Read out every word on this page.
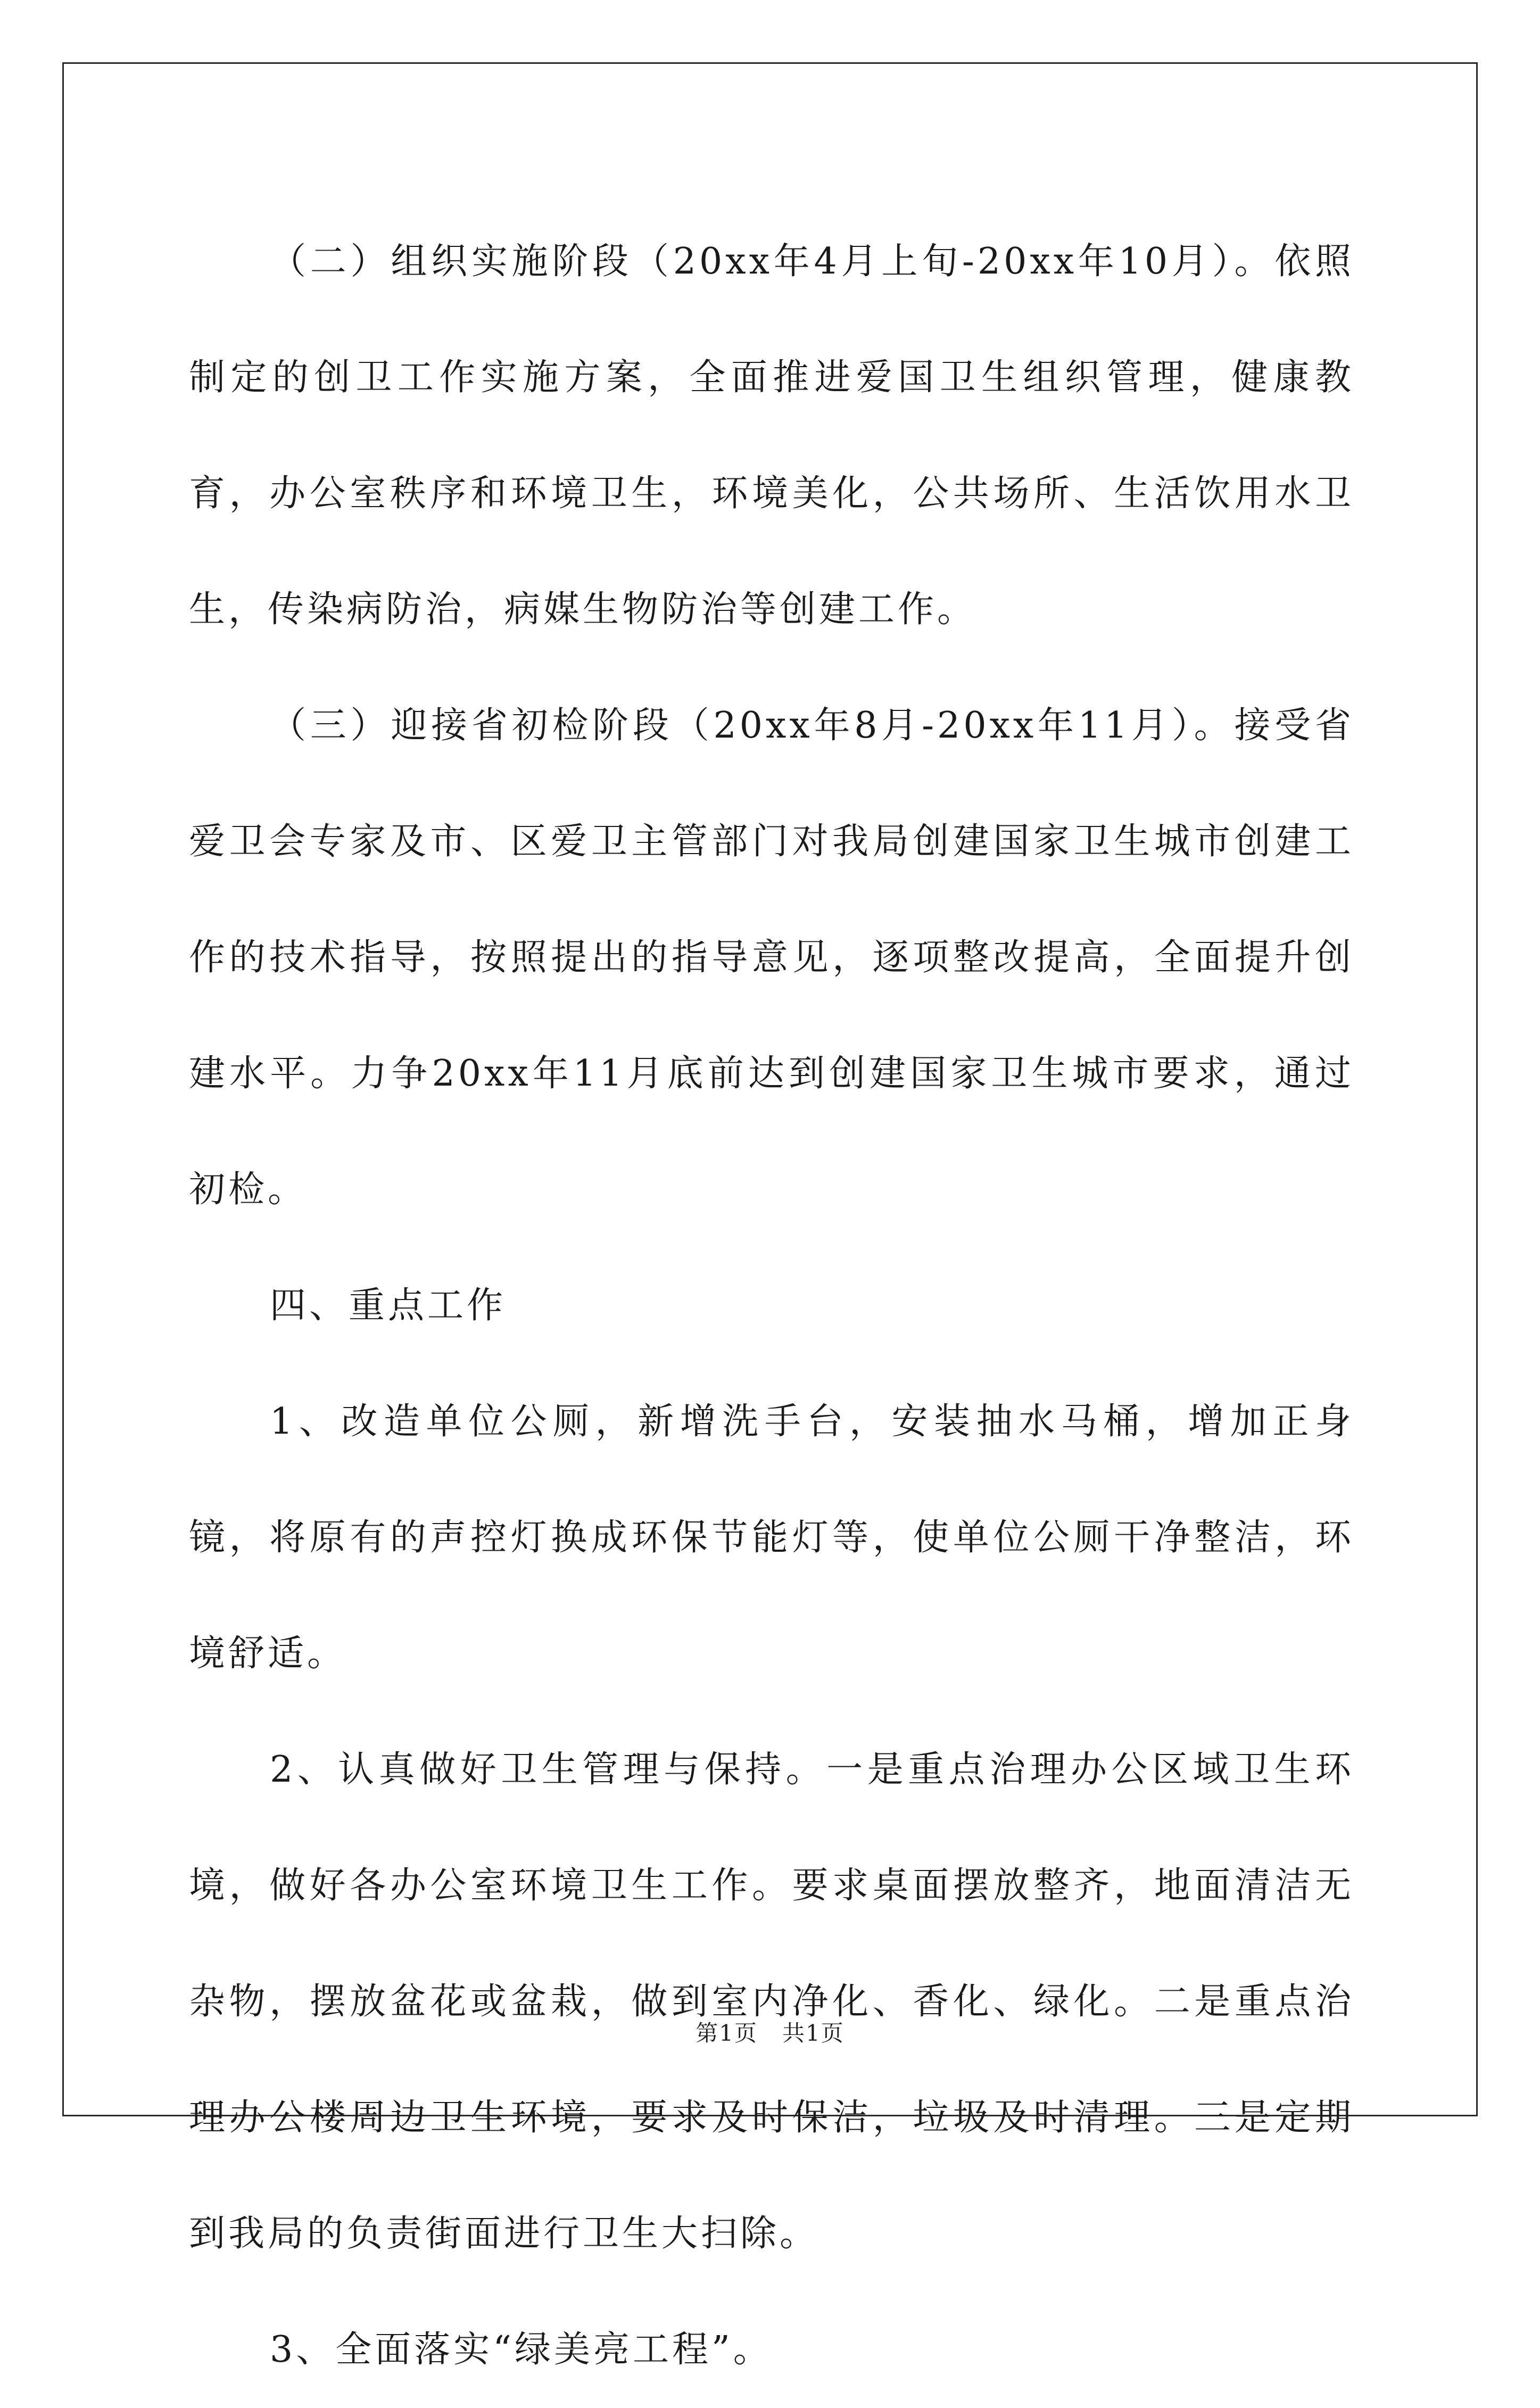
（二）组织实施阶段（20xx年4月上旬-20xx年10月）。依照制定的创卫工作实施方案，全面推进爱国卫生组织管理，健康教育，办公室秩序和环境卫生，环境美化，公共场所、生活饮用水卫生，传染病防治，病媒生物防治等创建工作。

（三）迎接省初检阶段（20xx年8月-20xx年11月）。接受省爱卫会专家及市、区爱卫主管部门对我局创建国家卫生城市创建工作的技术指导，按照提出的指导意见，逐项整改提高，全面提升创建水平。力争20xx年11月底前达到创建国家卫生城市要求，通过初检。

四、重点工作

1、改造单位公厕，新增洗手台，安装抽水马桶，增加正身镜，将原有的声控灯换成环保节能灯等，使单位公厕干净整洁，环境舒适。

2、认真做好卫生管理与保持。一是重点治理办公区域卫生环境，做好各办公室环境卫生工作。要求桌面摆放整齐，地面清洁无杂物，摆放盆花或盆栽，做到室内净化、香化、绿化。二是重点治理办公楼周边卫生环境，要求及时保洁，垃圾及时清理。三是定期到我局的负责街面进行卫生大扫除。

3、全面落实“绿美亮工程”。

第1页 共1页
